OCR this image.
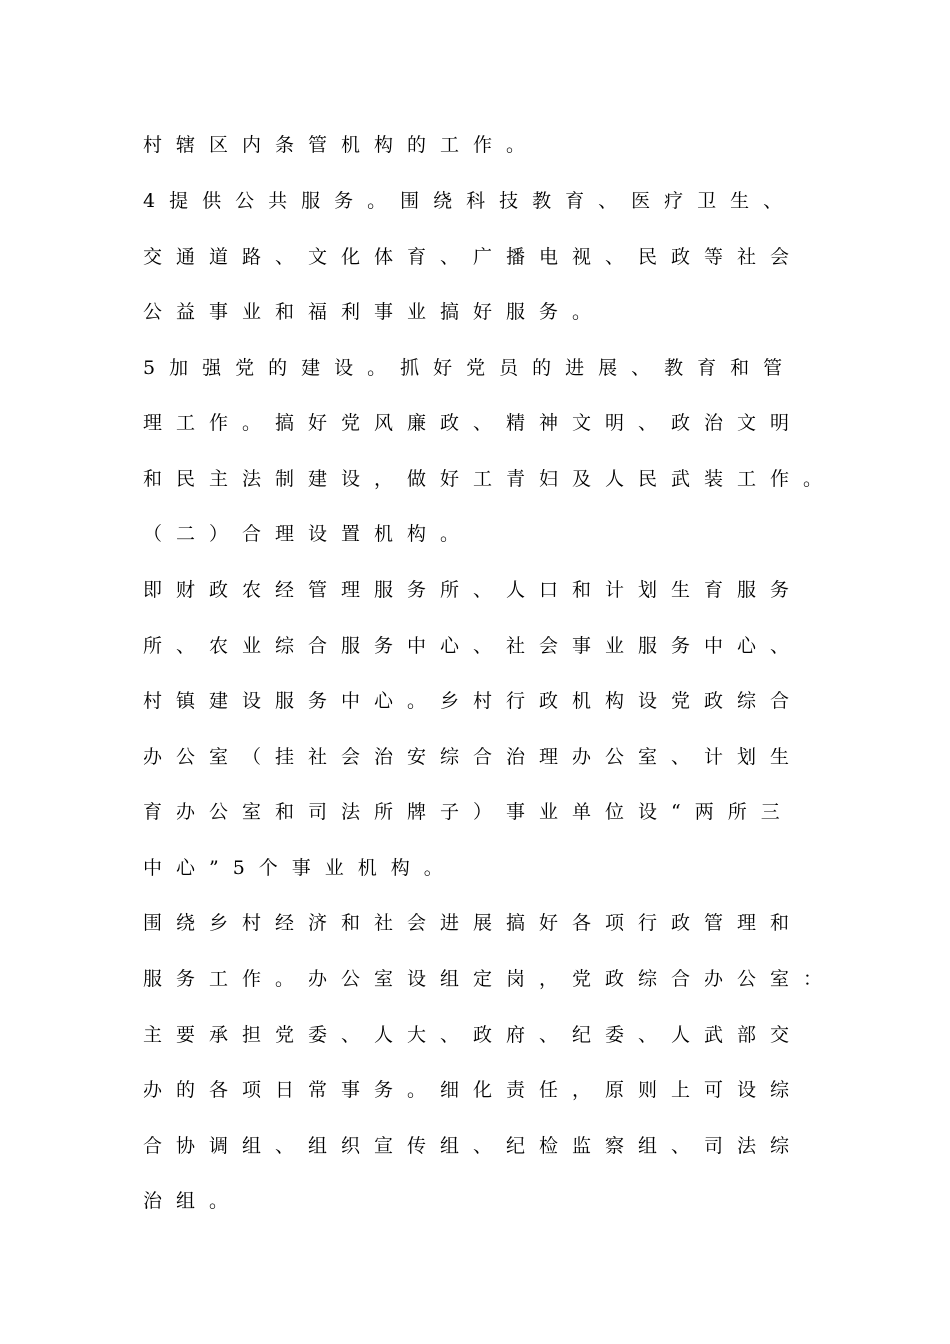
村辖区内条管机构的工作。
4提供公共服务。围绕科技教育、医疗卫生、
交通道路、文化体育、广播电视、民政等社会
公益事业和福利事业搞好服务。
5加强党的建设。抓好党员的进展、教育和管
理工作。搞好党风廉政、精神文明、政治文明
和民主法制建设，做好工青妇及人民武装工作。
（二）合理设置机构。
即财政农经管理服务所、人口和计划生育服务
所、农业综合服务中心、社会事业服务中心、
村镇建设服务中心。乡村行政机构设党政综合
办公室（挂社会治安综合治理办公室、计划生
育办公室和司法所牌子）事业单位设“两所三
中心”5个事业机构。
围绕乡村经济和社会进展搞好各项行政管理和
服务工作。办公室设组定岗，党政综合办公室：
主要承担党委、人大、政府、纪委、人武部交
办的各项日常事务。细化责任，原则上可设综
合协调组、组织宣传组、纪检监察组、司法综
治组。
